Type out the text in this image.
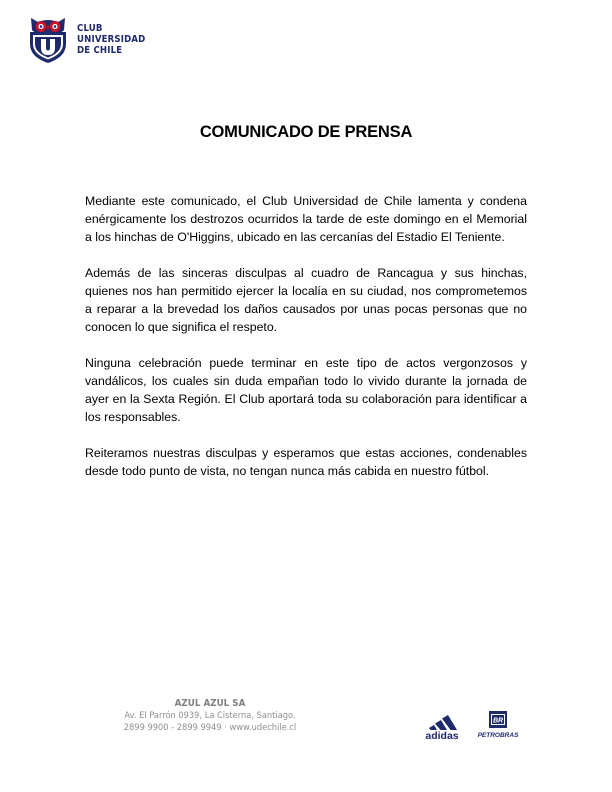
CLUB
UNIVERSIDAD
DE CHILE
COMUNICADO DE PRENSA

Mediante este comunicado, el Club Universidad de Chile lamenta y condena enérgicamente los destrozos ocurridos la tarde de este domingo en el Memorial a los hinchas de O'Higgins, ubicado en las cercanías del Estadio El Teniente.

Además de las sinceras disculpas al cuadro de Rancagua y sus hinchas, quienes nos han permitido ejercer la localía en su ciudad, nos comprometemos a reparar a la brevedad los daños causados por unas pocas personas que no conocen lo que significa el respeto.

Ninguna celebración puede terminar en este tipo de actos vergonzosos y vandálicos, los cuales sin duda empañan todo lo vivido durante la jornada de ayer en la Sexta Región. El Club aportará toda su colaboración para identificar a los responsables.

Reiteramos nuestras disculpas y esperamos que estas acciones, condenables desde todo punto de vista, no tengan nunca más cabida en nuestro fútbol.

AZUL AZUL SA
Av. El Parrón 0939, La Cisterna, Santiago.
2899 9900 - 2899 9949 · www.udechile.cl
adidas
BR
PETROBRAS
